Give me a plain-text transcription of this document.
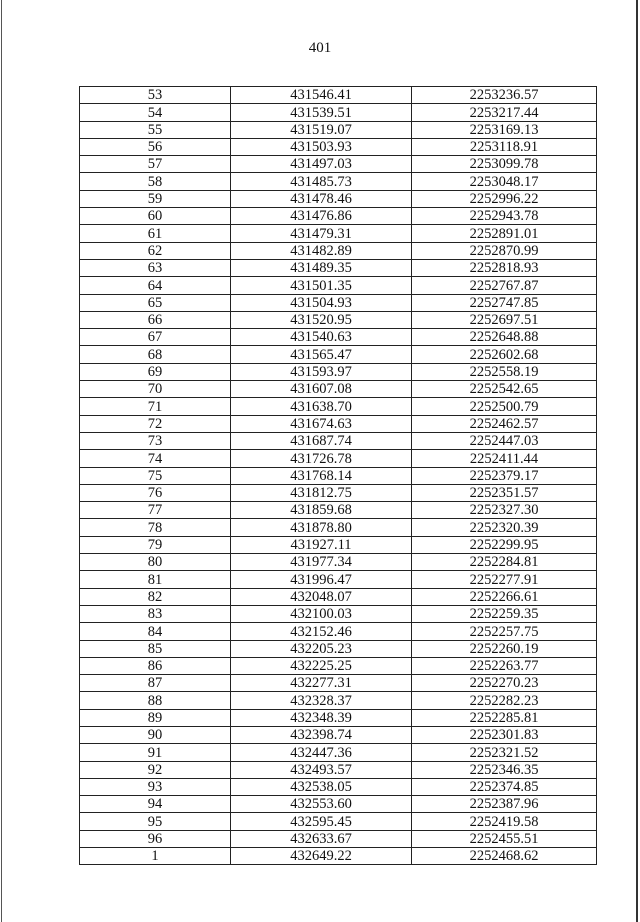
401
53	431546.41	2253236.57
54	431539.51	2253217.44
55	431519.07	2253169.13
56	431503.93	2253118.91
57	431497.03	2253099.78
58	431485.73	2253048.17
59	431478.46	2252996.22
60	431476.86	2252943.78
61	431479.31	2252891.01
62	431482.89	2252870.99
63	431489.35	2252818.93
64	431501.35	2252767.87
65	431504.93	2252747.85
66	431520.95	2252697.51
67	431540.63	2252648.88
68	431565.47	2252602.68
69	431593.97	2252558.19
70	431607.08	2252542.65
71	431638.70	2252500.79
72	431674.63	2252462.57
73	431687.74	2252447.03
74	431726.78	2252411.44
75	431768.14	2252379.17
76	431812.75	2252351.57
77	431859.68	2252327.30
78	431878.80	2252320.39
79	431927.11	2252299.95
80	431977.34	2252284.81
81	431996.47	2252277.91
82	432048.07	2252266.61
83	432100.03	2252259.35
84	432152.46	2252257.75
85	432205.23	2252260.19
86	432225.25	2252263.77
87	432277.31	2252270.23
88	432328.37	2252282.23
89	432348.39	2252285.81
90	432398.74	2252301.83
91	432447.36	2252321.52
92	432493.57	2252346.35
93	432538.05	2252374.85
94	432553.60	2252387.96
95	432595.45	2252419.58
96	432633.67	2252455.51
1	432649.22	2252468.62
